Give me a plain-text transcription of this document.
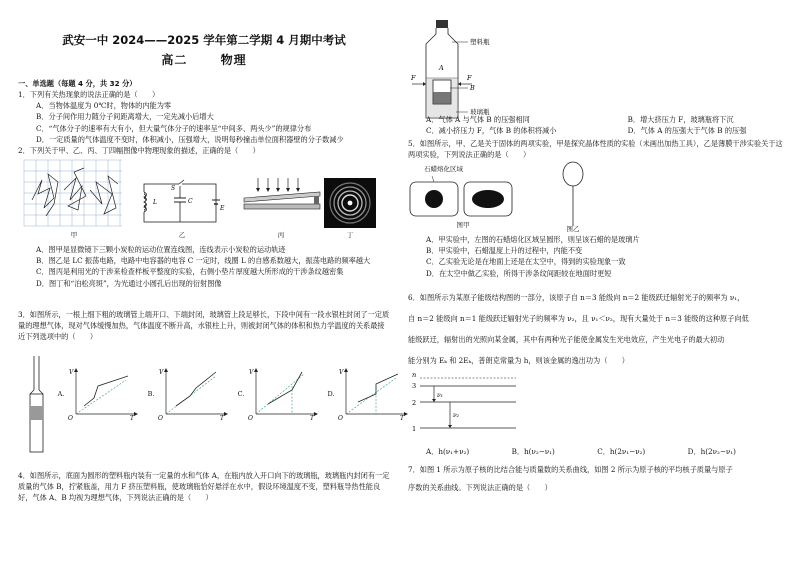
武安一中 2024——2025 学年第二学期 4 月期中考试
高二	物理
一、单选题（每题 4 分，共 32 分）
1．下列有关热现象的说法正确的是（　　）
A．当物体温度为 0℃时，物体的内能为零
B．分子间作用力随分子间距离增大，一定先减小后增大
C．“气体分子的速率有大有小，但大量气体分子的速率呈“中间多、两头少”的规律分布
D．一定质量的气体温度不变时，体积减小，压强增大，说明每秒撞击单位面积器壁的分子数减少
2．下列关于甲、乙、丙、丁四幅图像中物理现象的描述，正确的是（　　）
甲
L
S
C
E
乙	丙	丁
A．图甲是显微镜下三颗小炭粒的运动位置连线图，连线表示小炭粒的运动轨迹
B．图乙是 LC 振荡电路，电路中电容器的电容 C 一定时，线圈 L 的自感系数越大，振荡电路的频率越大
C．图丙是利用光的干涉来检查样板平整度的实验，右侧小垫片厚度越大所形成的干涉条纹越密集
D．图丁和“泊松亮斑”，为光通过小圆孔后出现的衍射图像
3．如图所示，一根上细下粗的玻璃管上端开口、下端封闭，玻璃管上段足够长，下段中间有一段水银柱封闭了一定质量的理想气体，现对气体缓慢加热，气体温度不断升高，水银柱上升，则被封闭气体的体积和热力学温度的关系最接近下列选项中的（　　）
A.
V
T
O
B.
V
T
O
C.
V
T
O
D.
V
T
O
4．如图所示，底面为圆形的塑料瓶内装有一定量的水和气体 A，在瓶内放入开口向下的玻璃瓶，玻璃瓶内封闭有一定质量的气体 B，拧紧瓶盖，用力 F 挤压塑料瓶，使玻璃瓶恰好悬浮在水中，假设环境温度不变，塑料瓶导热性能良好，气体 A、B 均视为理想气体，下列说法正确的是（　　）
A
B
F	F
塑料瓶
玻璃瓶
A．气体 A 与气体 B 的压强相同	B．增大挤压力 F，玻璃瓶将下沉
C．减小挤压力 F，气体 B 的体积将减小	D．气体 A 的压强大于气体 B 的压强
5．如图所示，甲、乙是关于固体的两项实验，甲是探究晶体性质的实验（未画出加热工具），乙是薄膜干涉实验关于这两项实验，下列说法正确的是（　　）
石蜡熔化区域
图甲	图乙
A．甲实验中，左图的石蜡熔化区域呈圆形，则呈该石蜡的是玻璃片
B．甲实验中，石蜡温度上升的过程中，内能不变
C．乙实验无论是在地面上还是在太空中，得到的实验现象一致
D．在太空中做乙实验，所得干涉条纹间距较在地面时更短
6．如图所示为某原子能级结构图的一部分，该原子自 n＝3 能级向 n＝2 能级跃迁辐射光子的频率为 ν₁，
自 n＝2 能级向 n＝1 能级跃迁辐射光子的频率为 ν₂，且 ν₁＜ν₂，现有大量处于 n＝3 能级的这种原子向低
能级跃迁，辐射出的光照向某金属，其中有两种光子能使金属发生光电效应，产生光电子的最大初动
能分别为 Eₖ 和 2Eₖ，普朗克常量为 h，则该金属的逸出功为（　　）
n
3
2
1
ν₁
ν₂
A．h(ν₁+ν₂)	B．h(ν₂−ν₁)	C．h(2ν₁−ν₂)	D．h(2ν₂−ν₁)
7．如图 1 所示为原子核的比结合能与质量数的关系曲线，如图 2 所示为原子核的平均核子质量与原子
序数的关系曲线。下列说法正确的是（　　）
